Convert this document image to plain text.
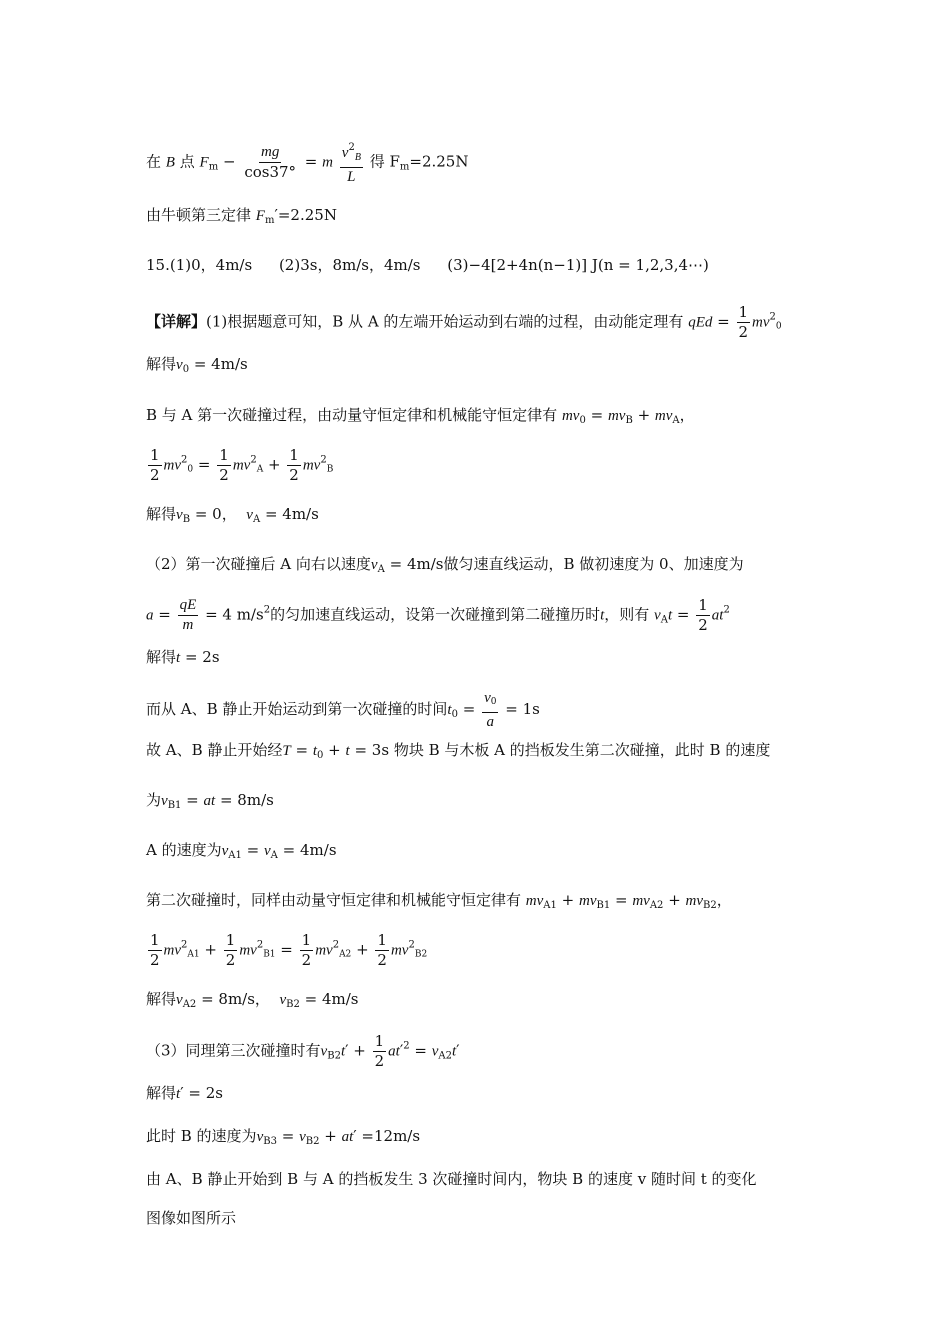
在 B 点 $F_m - \frac{mg}{\cos 37^\circ} = m \frac{v^2_B}{L}$ 得 $F_m=2.25N$
由牛顿第三定律 $F_m'=2.25N$
15.(1)0，4m/s (2)3s，8m/s，4m/s (3)−4[2+4n(n−1)] J(n = 1,2,3,4⋯)
【详解】(1)根据题意可知，B 从 A 的左端开始运动到右端的过程，由动能定理有 qEd = $\frac{1}{2} mv^2_0$
解得$v_0 = 4m/s$
B 与 A 第一次碰撞过程，由动量守恒定律和机械能守恒定律有 $mv_0 = mv_B + mv_A$，
$\frac{1}{2} mv^2_0 = \frac{1}{2} mv^2_A + \frac{1}{2} mv^2_B$
解得$v_B = 0$， $v_A = 4m/s$
（2）第一次碰撞后 A 向右以速度$v_A = 4m/s$做匀速直线运动，B 做初速度为 0、加速度为
$a = \frac{qE}{m} = 4$ $m/s^2$的匀加速直线运动，设第一次碰撞到第二碰撞历时t，则有 $v_At = \frac{1}{2} at^2$
解得t = 2s
而从 A、B 静止开始运动到第一次碰撞的时间$t_0 = \frac{v_0}{a} = 1s$
故 A、B 静止开始经$T = t_0 + t = 3s$ 物块 B 与木板 A 的挡板发生第二次碰撞，此时 B 的速度
为$v_{B1}$ = at = 8m/s
A 的速度为$v_{A1} = v_A = 4m/s$
第二次碰撞时，同样由动量守恒定律和机械能守恒定律有 $mv_{A1} + mv_{B1} = mv_{A2} + mv_{B2}$，
$\frac{1}{2} mv^2_{A1} + \frac{1}{2} mv^2_{B1} = \frac{1}{2} mv^2_{A2} + \frac{1}{2} mv^2_{B2}$
解得$v_{A2} = 8m/s$， $v_{B2} = 4m/s$
（3）同理第三次碰撞时有$v_{B2}t' + \frac{1}{2} at'^2 = v_{A2}t'$
解得t′ = 2s
此时 B 的速度为$v_{B3} = v_{B2} + at' =12m/s$
由 A、B 静止开始到 B 与 A 的挡板发生 3 次碰撞时间内，物块 B 的速度 v 随时间 t 的变化
图像如图所示
